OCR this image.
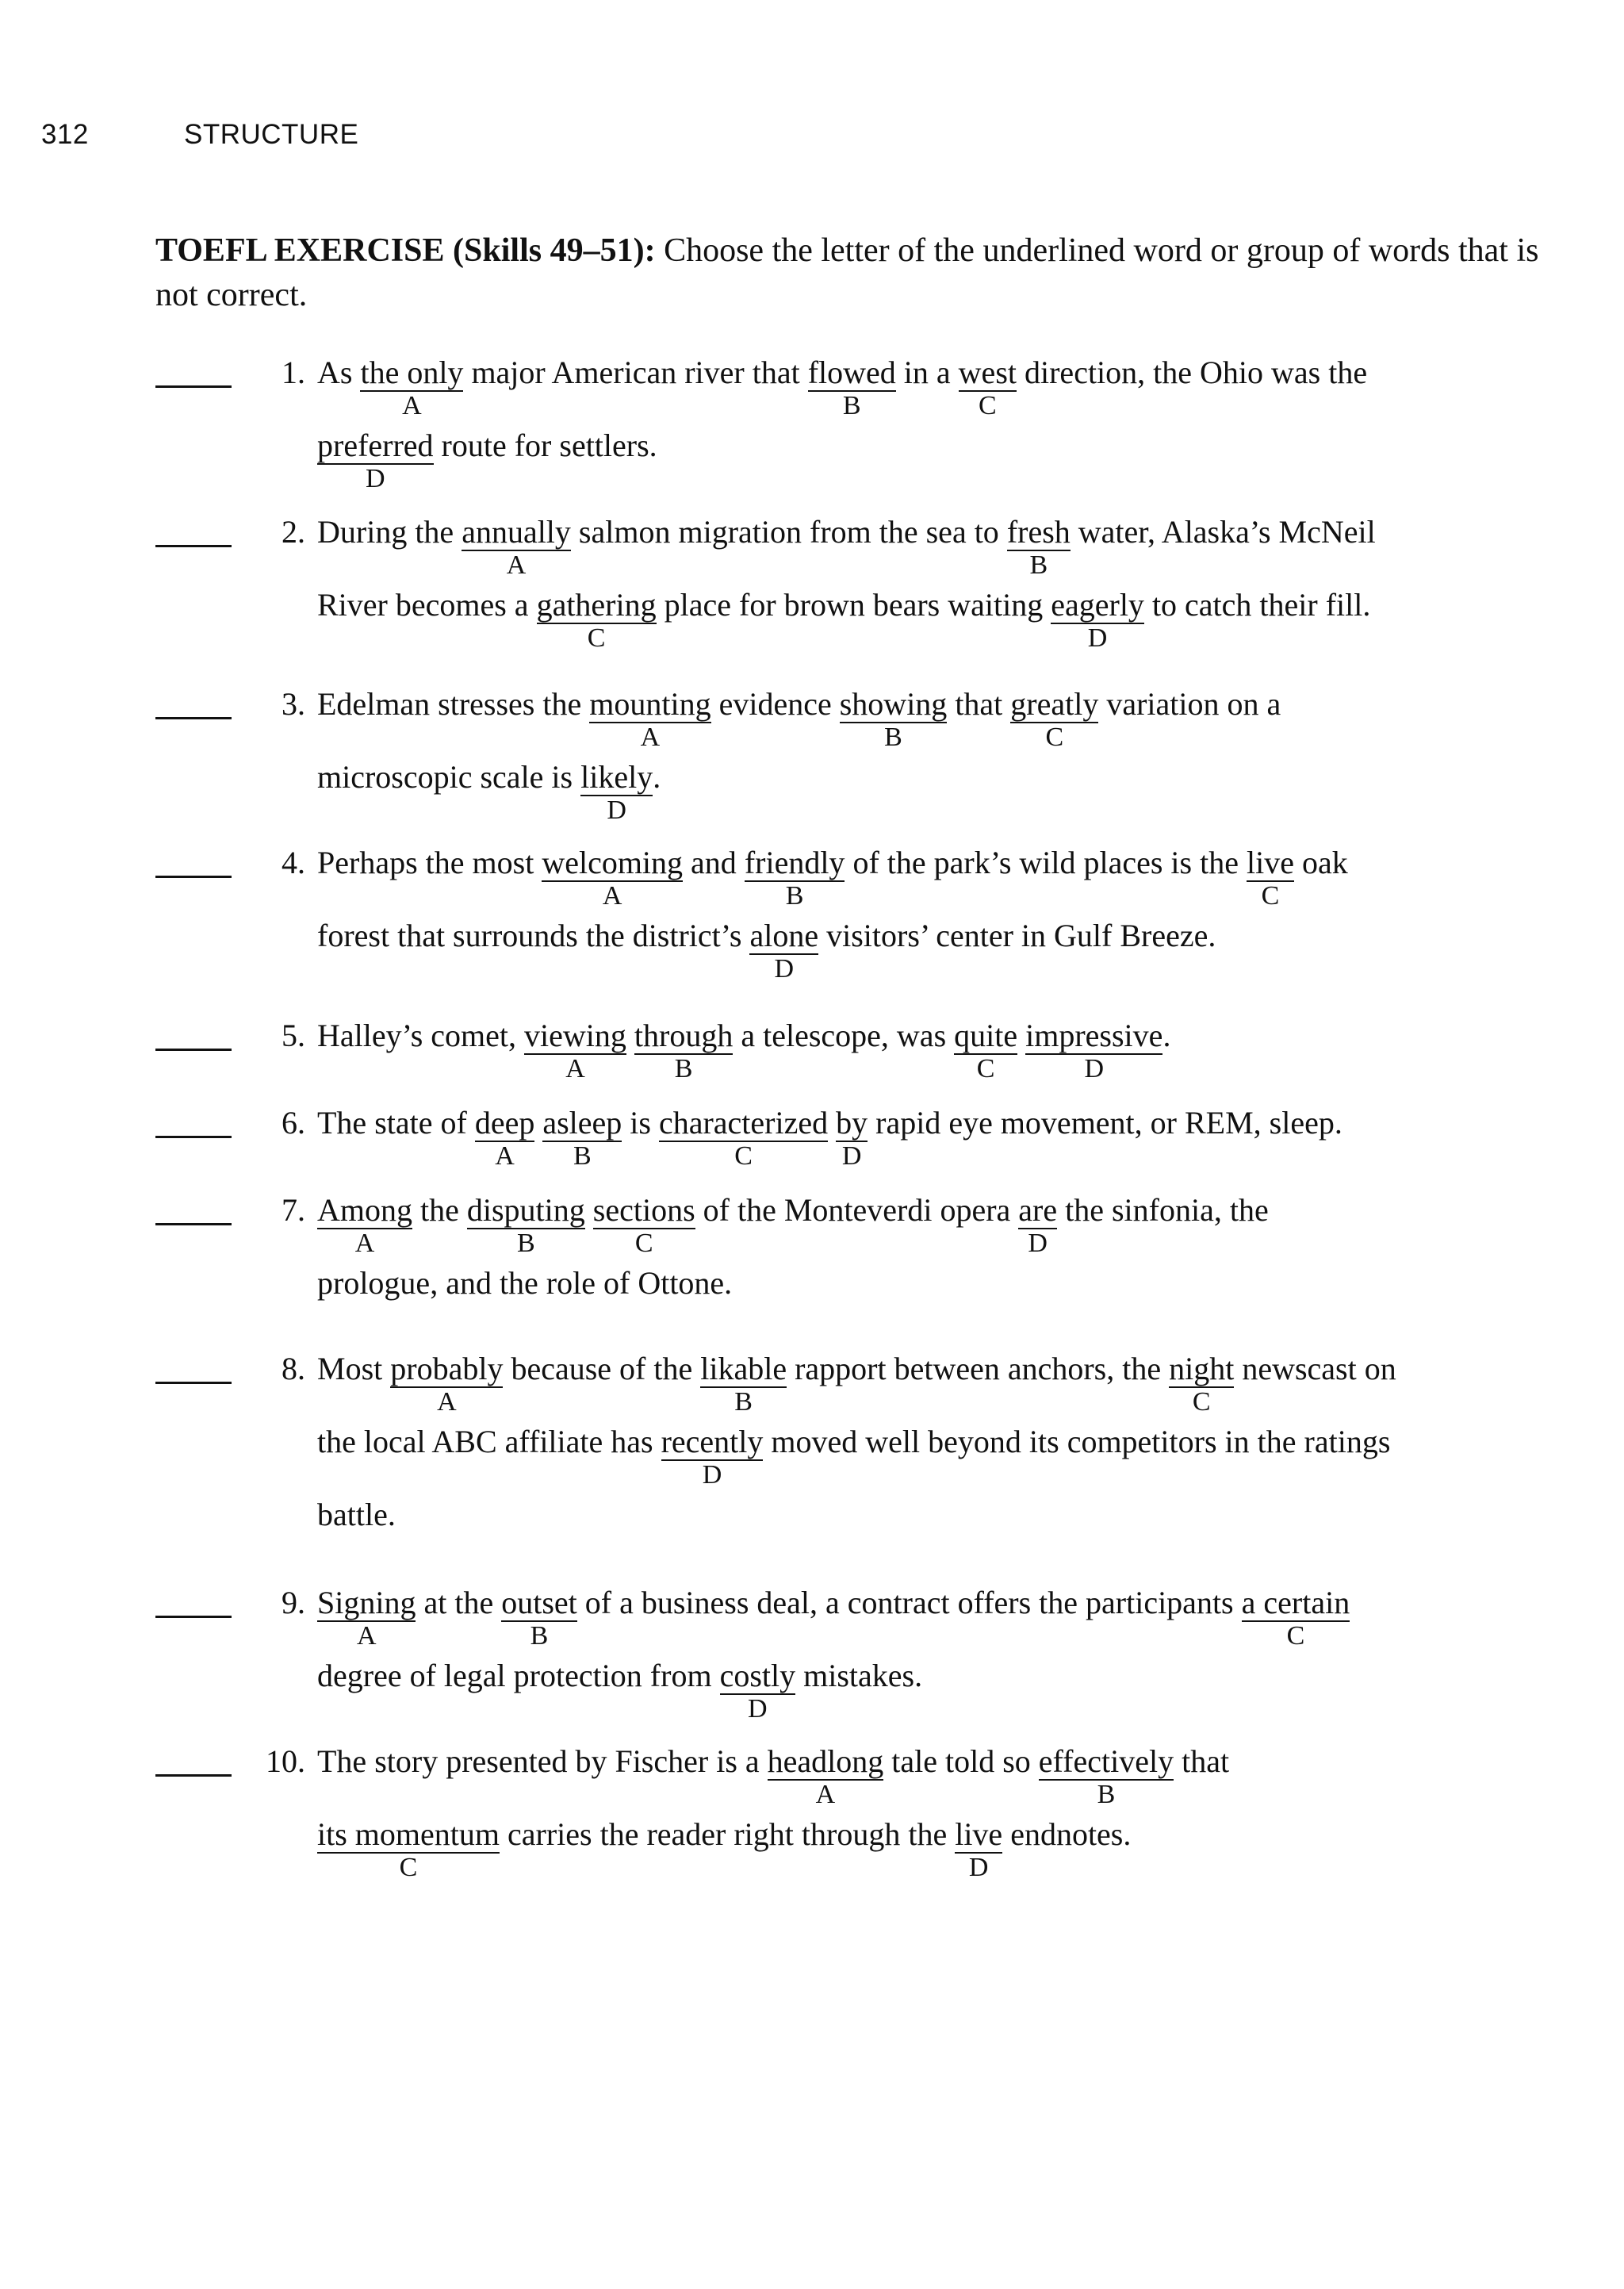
312	STRUCTURE
TOEFL EXERCISE (Skills 49–51): Choose the letter of the underlined word or group of words that is not correct.
1. As the only
A
major American river that flowed
B
in a west
C
direction, the Ohio was the
preferred
D
route for settlers.
2. During the annually
A
salmon migration from the sea to fresh
B
water, Alaska’s McNeil
River becomes a gathering
C
place for brown bears waiting eagerly
D
to catch their fill.
3. Edelman stresses the mounting
A
evidence showing
B
that greatly
C
variation on a
microscopic scale is likely
D
.
4. Perhaps the most welcoming
A
and friendly
B
of the park’s wild places is the live
C
oak
forest that surrounds the district’s alone
D
visitors’ center in Gulf Breeze.
5. Halley’s comet, viewing
A
through
B
a telescope, was quite
C
impressive
D
.
6. The state of deep
A
asleep
B
is characterized
C
by
D
rapid eye movement, or REM, sleep.
7. Among
A
the disputing
B
sections
C
of the Monteverdi opera are
D
the sinfonia, the
prologue, and the role of Ottone.
8. Most probably
A
because of the likable
B
rapport between anchors, the night
C
newscast on
the local ABC affiliate has recently
D
moved well beyond its competitors in the ratings
battle.
9. Signing
A
at the outset
B
of a business deal, a contract offers the participants a certain
C
degree of legal protection from costly
D
mistakes.
10. The story presented by Fischer is a headlong
A
tale told so effectively
B
that
its momentum
C
carries the reader right through the live
D
endnotes.
